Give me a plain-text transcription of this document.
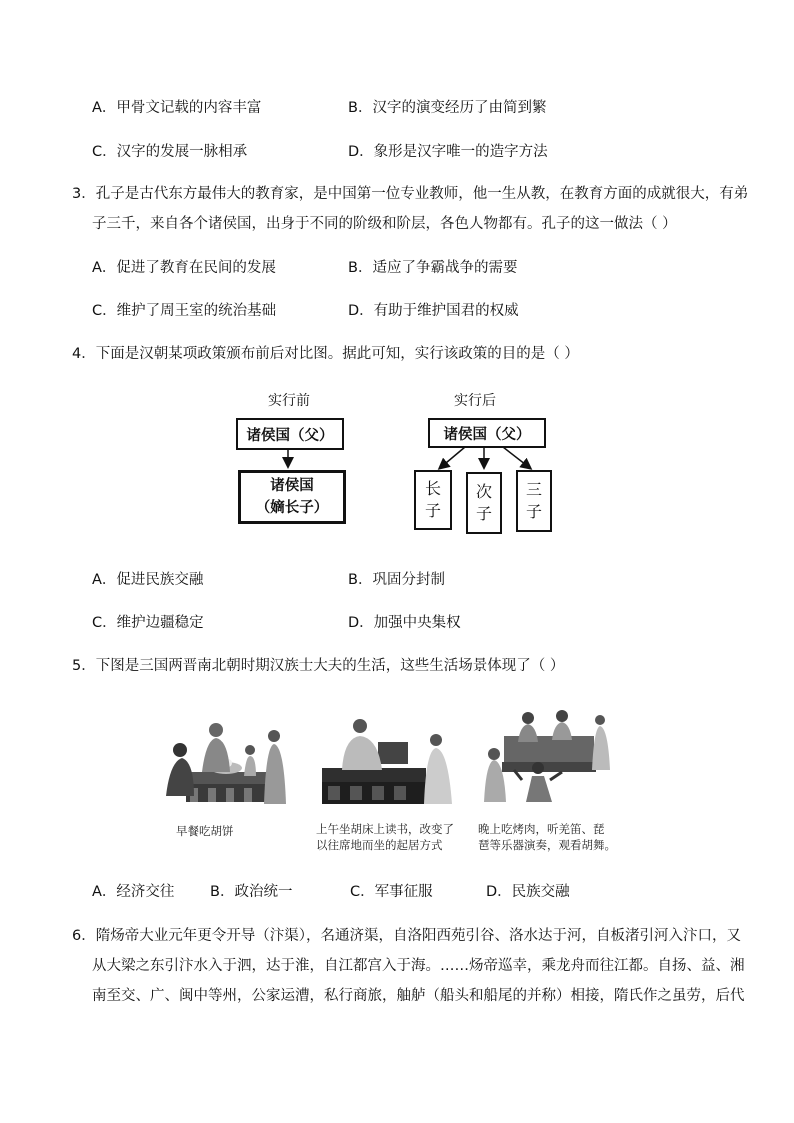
A．甲骨文记载的内容丰富	B．汉字的演变经历了由简到繁
C．汉字的发展一脉相承	D．象形是汉字唯一的造字方法
3．孔子是古代东方最伟大的教育家，是中国第一位专业教师，他一生从教，在教育方面的成就很大，有弟
子三千，来自各个诸侯国，出身于不同的阶级和阶层，各色人物都有。孔子的这一做法（ ）
A．促进了教育在民间的发展	B．适应了争霸战争的需要
C．维护了周王室的统治基础	D．有助于维护国君的权威
4．下面是汉朝某项政策颁布前后对比图。据此可知，实行该政策的目的是（ ）
实行前	实行后
诸侯国（父）
诸侯国
（嫡长子）
诸侯国（父）
长
子
次
子
三
子
A．促进民族交融	B．巩固分封制
C．维护边疆稳定	D．加强中央集权
5．下图是三国两晋南北朝时期汉族士大夫的生活，这些生活场景体现了（ ）
早餐吃胡饼	上午坐胡床上读书，改变了
以往席地而坐的起居方式
晚上吃烤肉，听羌笛、琵
琶等乐器演奏，观看胡舞。
A．经济交往 B．政治统一	C．军事征服	D．民族交融
6．隋炀帝大业元年更令开导（汴渠），名通济渠，自洛阳西苑引谷、洛水达于河，自板渚引河入汴口，又
从大梁之东引汴水入于泗，达于淮，自江都宫入于海。……炀帝巡幸，乘龙舟而往江都。自扬、益、湘
南至交、广、闽中等州，公家运漕，私行商旅，舳舻（船头和船尾的并称）相接，隋氏作之虽劳，后代
